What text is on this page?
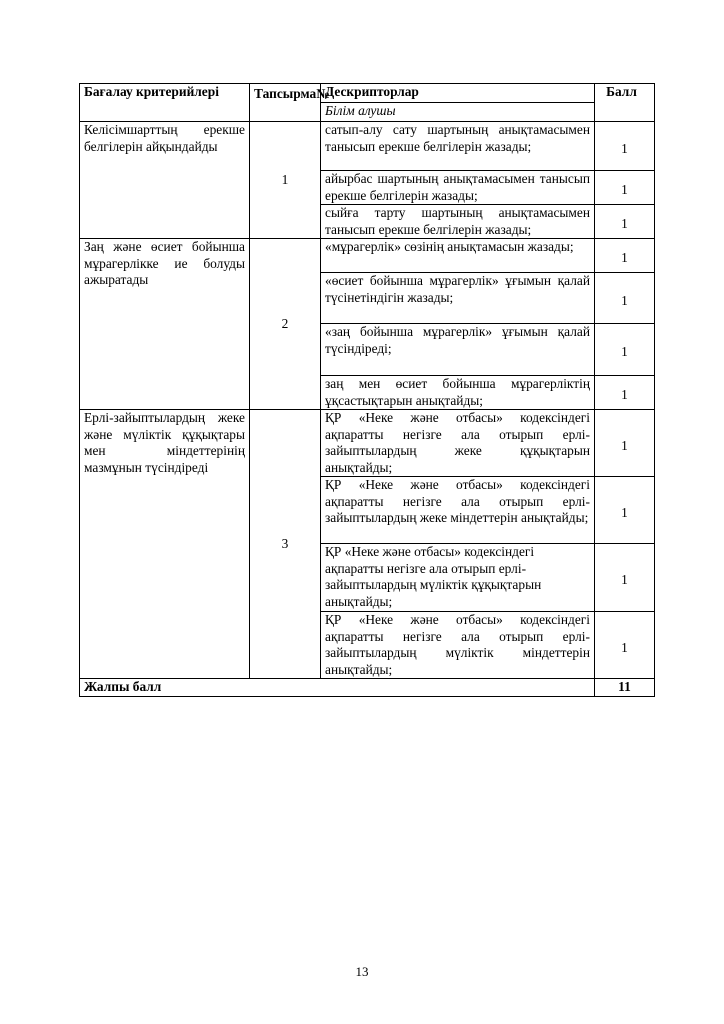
Бағалау критерийлері	Тапсырма№	Дескрипторлар	Балл
		Білім алушы	
Келісімшарттың ерекше белгілерін айқындайды	1	сатып-алу сату шартының анықтамасымен танысып ерекше белгілерін жазады;	1
		айырбас шартының анықтамасымен танысып ерекше белгілерін жазады;	1
		сыйға тарту шартының анықтамасымен танысып ерекше белгілерін жазады;	1
Заң және өсиет бойынша мұрагерлікке ие болуды ажыратады	2	«мұрагерлік» сөзінің анықтамасын жазады;	1
		«өсиет бойынша мұрагерлік» ұғымын қалай түсінетіндігін жазады;	1
		«заң бойынша мұрагерлік» ұғымын қалай түсіндіреді;	1
		заң мен өсиет бойынша мұрагерліктің ұқсастықтарын анықтайды;	1
Ерлі-зайыптылардың жеке және мүліктік құқықтары мен міндеттерінің мазмұнын түсіндіреді	3	ҚР «Неке және отбасы» кодексіндегі ақпаратты негізге ала отырып ерлі-зайыптылардың жеке құқықтарын анықтайды;	1
		ҚР «Неке және отбасы» кодексіндегі ақпаратты негізге ала отырып ерлі-зайыптылардың жеке міндеттерін анықтайды;	1
		ҚР «Неке және отбасы» кодексіндегі ақпаратты негізге ала отырып ерлі-зайыптылардың мүліктік құқықтарын анықтайды;	1
		ҚР «Неке және отбасы» кодексіндегі ақпаратты негізге ала отырып ерлі-зайыптылардың мүліктік міндеттерін анықтайды;	1
Жалпы балл			11
13
